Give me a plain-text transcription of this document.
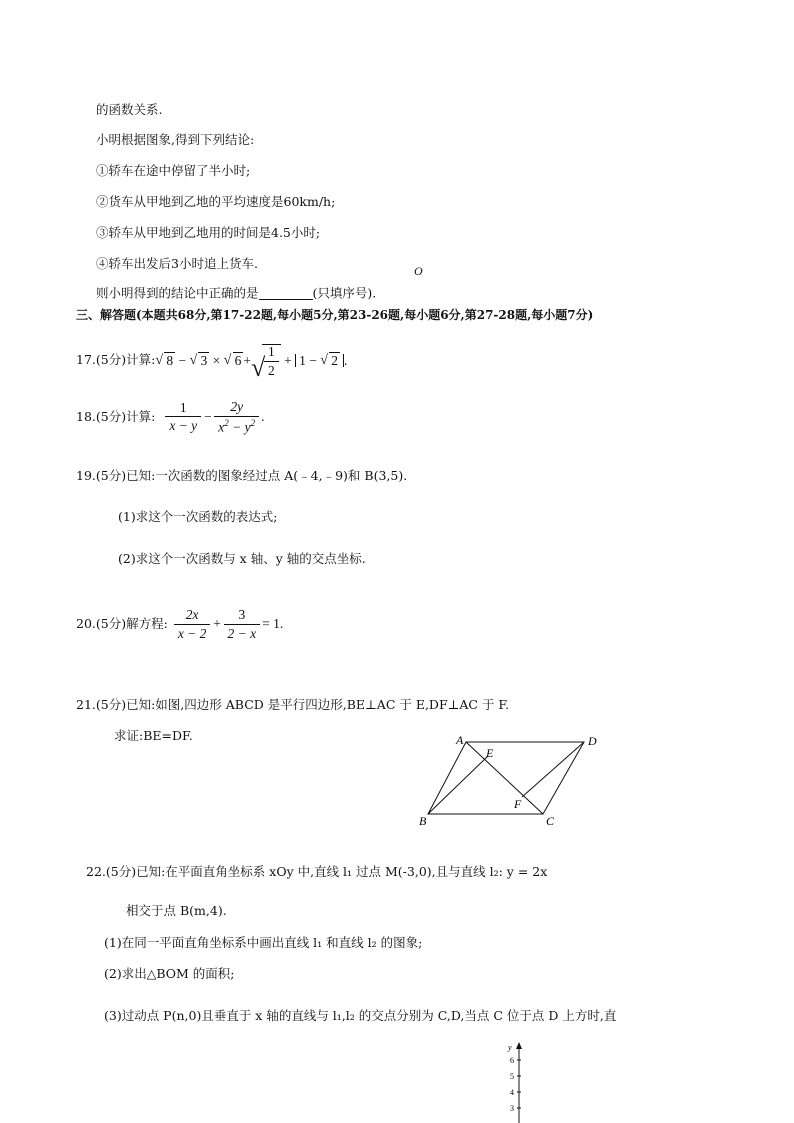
的函数关系.
小明根据图象,得到下列结论:
①轿车在途中停留了半小时;
②货车从甲地到乙地的平均速度是60km/h;
③轿车从甲地到乙地用的时间是4.5小时;
④轿车出发后3小时追上货车.	O
则小明得到的结论中正确的是	(只填序号).
三、解答题(本题共68分,第17-22题,每小题5分,第23-26题,每小题6分,第27-28题,每小题7分)
17.(5分)计算: √ 8 − √ 3 × √ 6 + √
$\frac{1}{2} + 1$ − √ 2 .
18.(5分)计算: $\frac{1}{x - y} - \frac{2y}{x^2 - y^2}$ .
19.(5分)已知:一次函数的图象经过点 A(﹣4,﹣9)和 B(3,5).
(1)求这个一次函数的表达式;
(2)求这个一次函数与 x 轴、y 轴的交点坐标.
20.(5分)解方程: $\frac{2x}{x - 2} + \frac{3}{2 - x} = 1$.
21.(5分)已知:如图,四边形 ABCD 是平行四边形,BE⊥AC 于 E,DF⊥AC 于 F.
求证:BE=DF.	A	D
E
F
B	C
22.(5分)已知:在平面直角坐标系 xOy 中,直线 l₁ 过点 M(-3,0),且与直线 l₂: y = 2x
相交于点 B(m,4).
(1)在同一平面直角坐标系中画出直线 l₁ 和直线 l₂ 的图象;
(2)求出△BOM 的面积;
(3)过动点 P(n,0)且垂直于 x 轴的直线与 l₁,l₂ 的交点分别为 C,D,当点 C 位于点 D 上方时,直
y
6
5
4
3
